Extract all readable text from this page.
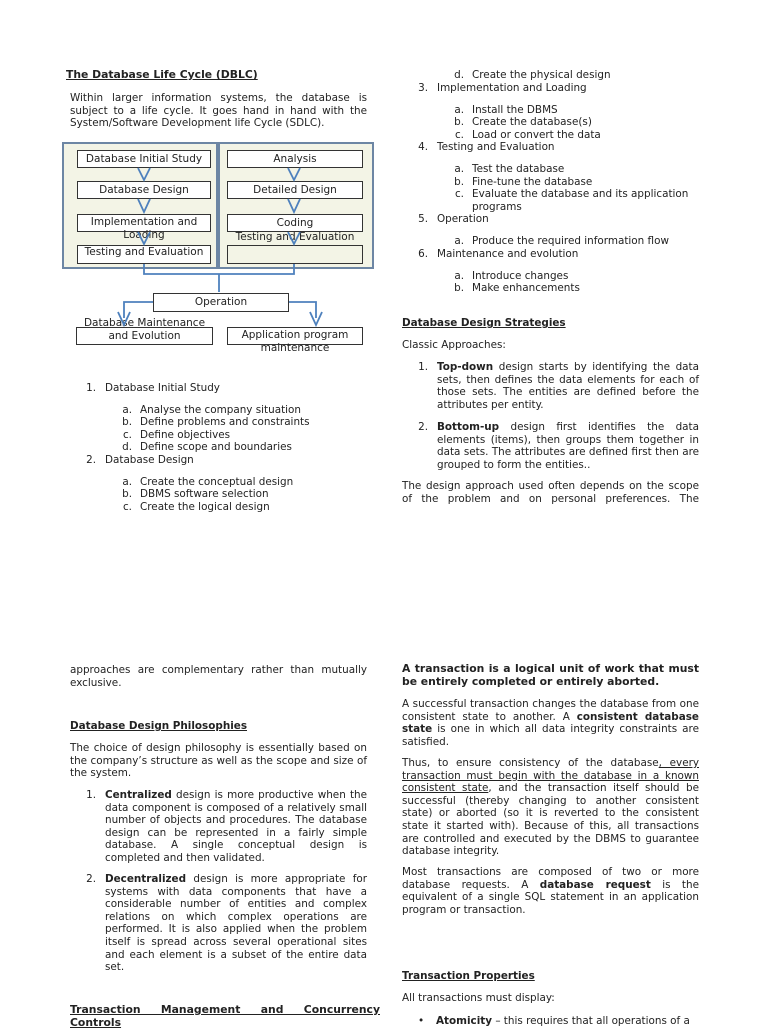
The Database Life Cycle (DBLC)
Within larger information systems, the database is subject to a life cycle. It goes hand in hand with the System/Software Development life Cycle (SDLC).
Database Initial Study
Database Design
Implementation and Loading
Testing and Evaluation
Analysis
Detailed Design
Coding
Testing and Evaluation
Operation
Database Maintenance and Evolution	Application program maintenance
1. Database Initial Study
a. Analyse the company situation
b. Define problems and constraints
c. Define objectives
d. Define scope and boundaries
2. Database Design
a. Create the conceptual design
b. DBMS software selection
c. Create the logical design
d. Create the physical design
3. Implementation and Loading
a. Install the DBMS
b. Create the database(s)
c. Load or convert the data
4. Testing and Evaluation
a. Test the database
b. Fine-tune the database
c. Evaluate the database and its application programs
5. Operation
a. Produce the required information flow
6. Maintenance and evolution
a. Introduce changes
b. Make enhancements
Database Design Strategies
Classic Approaches:
1. Top-down design starts by identifying the data sets, then defines the data elements for each of those sets. The entities are defined before the attributes per entity.
2. Bottom-up design first identifies the data elements (items), then groups them together in data sets. The attributes are defined first then are grouped to form the entities..
The design approach used often depends on the scope of the problem and on personal preferences. The
approaches are complementary rather than mutually exclusive.
Database Design Philosophies
The choice of design philosophy is essentially based on the company’s structure as well as the scope and size of the system.
1. Centralized design is more productive when the data component is composed of a relatively small number of objects and procedures. The database design can be represented in a fairly simple database. A single conceptual design is completed and then validated.
2. Decentralized design is more appropriate for systems with data components that have a considerable number of entities and complex relations on which complex operations are performed. It is also applied when the problem itself is spread across several operational sites and each element is a subset of the entire data set.
Transaction Management and Concurrency Controls
A transaction is a logical unit of work that must be entirely completed or entirely aborted.
A successful transaction changes the database from one consistent state to another. A consistent database state is one in which all data integrity constraints are satisfied.
Thus, to ensure consistency of the database, every transaction must begin with the database in a known consistent state, and the transaction itself should be successful (thereby changing to another consistent state) or aborted (so it is reverted to the consistent state it started with). Because of this, all transactions are controlled and executed by the DBMS to guarantee database integrity.
Most transactions are composed of two or more database requests. A database request is the equivalent of a single SQL statement in an application program or transaction.
Transaction Properties
All transactions must display:
• Atomicity – this requires that all operations of a
